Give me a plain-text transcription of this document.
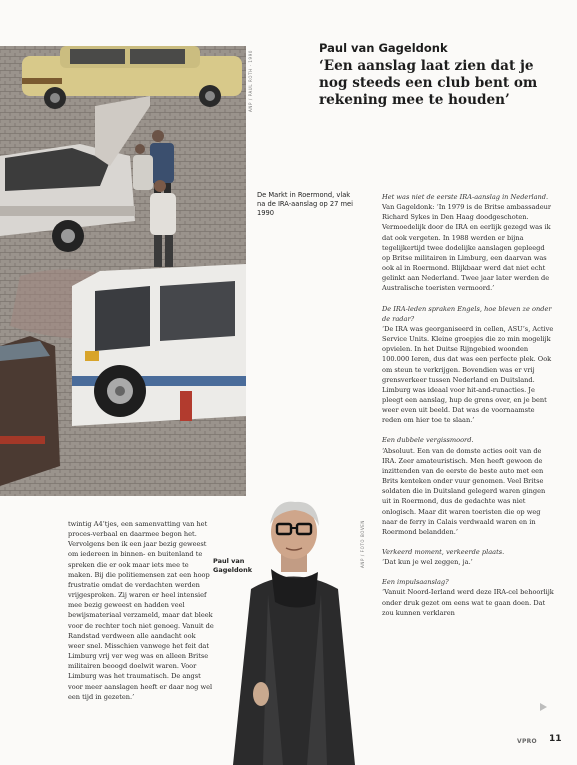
ANP / PAUL ROTH · 1990

Paul van Gageldonk

‘Een aanslag laat zien dat je nog steeds een club bent om rekening mee te houden’
De Markt in Roermond, vlak na de IRA-aanslag op 27 mei 1990

Het was niet de eerste IRA-aanslag in Nederland.

Van Gageldonk: ‘In 1979 is de Britse ambassadeur Richard Sykes in Den Haag doodgeschoten. Vermoedelijk door de IRA en eerlijk gezegd was ik dat ook vergeten. In 1988 werden er bijna tegelijkertijd twee dodelijke aanslagen gepleegd op Britse militairen in Limburg, een daarvan was ook al in Roermond. Blijkbaar werd dat niet echt gelinkt aan Nederland. Twee jaar later werden de Australische toeristen vermoord.’

De IRA-leden spraken Engels, hoe bleven ze onder de radar?

‘De IRA was georganiseerd in cellen, ASU’s, Active Service Units. Kleine groepjes die zo min mogelijk opvielen. In het Duitse Rijngebied woonden 100.000 Ieren, dus dat was een perfecte plek. Ook om steun te verkrijgen. Bovendien was er vrij grensverkeer tussen Nederland en Duitsland. Limburg was ideaal voor hit-and-runacties. Je pleegt een aanslag, hup de grens over, en je bent weer even uit beeld. Dat was de voornaamste reden om hier toe te slaan.’

Een dubbele vergissmoord.

‘Absoluut. Een van de domste acties ooit van de IRA. Zeer amateuristisch. Men heeft gewoon de inzittenden van de eerste de beste auto met een Brits kenteken onder vuur genomen. Veel Britse soldaten die in Duitsland gelegerd waren gingen uit in Roermond, dus de gedachte was niet onlogisch. Maar dit waren toeristen die op weg naar de ferry in Calais verdwaald waren en in Roermond belandden.’

Verkeerd moment, verkeerde plaats.

‘Dat kun je wel zeggen, ja.’

Een impulsaanslag?

‘Vanuit Noord-Ierland werd deze IRA-cel behoorlijk onder druk gezet om eens wat te gaan doen. Dat zou kunnen verklaren

twintig A4’tjes, een samenvatting van het proces-verbaal en daarmee begon het. Vervolgens ben ik een jaar bezig geweest om iedereen in binnen- en buitenland te spreken die er ook maar iets mee te maken. Bij die politiemensen zat een hoop frustratie omdat de verdachten werden vrijgesproken. Zij waren er heel intensief mee bezig geweest en hadden veel bewijsmateriaal verzameld, maar dat bleek voor de rechter toch niet genoeg. Vanuit de Randstad verdween alle aandacht ook weer snel. Misschien vanwege het feit dat Limburg vrij ver weg was en alleen Britse militairen beoogd doelwit waren. Voor Limburg was het traumatisch. De angst voor meer aanslagen heeft er daar nog wel een tijd in gezeten.’

Paul van Gageldonk
ANP / FOTO BOVEN
VPRO 11
